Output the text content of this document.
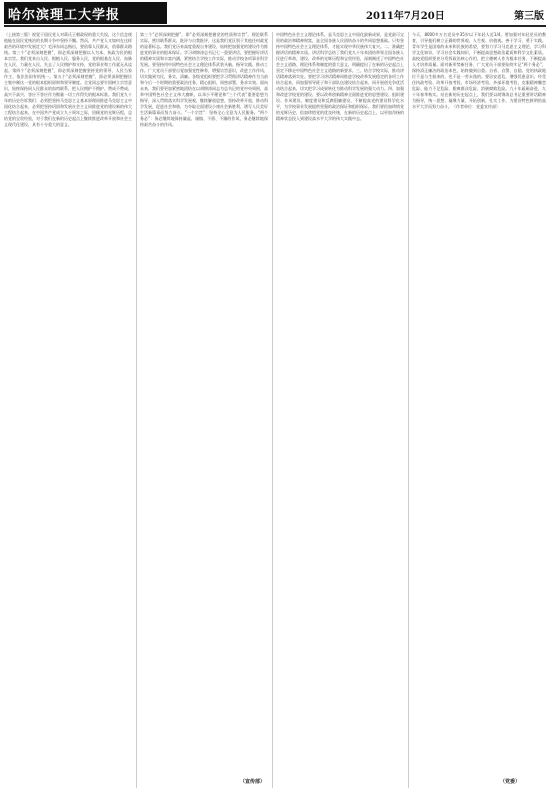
哈尔滨理工大学报	2011年7月20日	第三版
（上接第三版）视觉于国民党人对蒋氏王朝政权的重大失误，这个信念使他能在国民党统治的长期斗争中坚持不懈。然而，共产党人又如何在这样艰苦的环境中发展壮大？毛泽东同志指出，要依靠人民群众，依靠群众路线。第三个“必须深刻把握”，即必须深刻把握以人为本、执政为民的根本宗旨。我们党来自人民、根植人民、服务人民，党的根基在人民、血脉在人民、力量在人民。失去了人民拥护和支持，党的事业和工作就无从谈起。第四个“必须深刻把握”，即必须深刻把握坚持党的领导、人民当家作主、依法治国有机统一。第五个“必须深刻把握”，即必须深刻把握民主集中制这一党的根本组织原则和领导制度。全党同志要牢固树立宗旨意识，始终保持同人民群众的血肉联系，把人民拥护不拥护、赞成不赞成、高兴不高兴、答应不答应作为衡量一切工作得失的根本标准。我们党九十年的历史告诉我们：必须把坚持马克思主义基本原理同推进马克思主义中国化结合起来，必须把坚持巩固和发展社会主义同推进党的建设新的伟大工程结合起来。在中国共产党成立九十周年之际，回顾党的光辉历程，总结党的宝贵经验，对于我们在新的历史起点上继续推进改革开放和社会主义现代化建设，具有十分重大的意义。
第三个“必须深刻把握”，即“必须深刻把握党的性质和宗旨”。理论联系实际，密切联系群众，批评与自我批评，这是我们党区别于其他任何政党的显著标志。我们党历来高度重视自身建设，始终把加强党的建设作为推进党的事业的根本保证。学习胡锦涛总书记七一重要讲话，要把握好讲话的精神实质和丰富内涵，紧密结合学校工作实际，推动学校各项事业科学发展。要坚持用中国特色社会主义理论体系武装头脑、指导实践、推动工作。广大党员干部要自觉加强党性修养，增强宗旨意识，改进工作作风，切实做到为民、务实、清廉。各级党组织要把学习贯彻讲话精神作为当前和今后一个时期的重要政治任务，精心组织，周密部署，务求实效。面向未来，我们要更加紧密地团结在以胡锦涛同志为总书记的党中央周围，高举中国特色社会主义伟大旗帜，以邓小平理论和“三个代表”重要思想为指导，深入贯彻落实科学发展观，继续解放思想，坚持改革开放，推动科学发展，促进社会和谐，为夺取全面建设小康社会新胜利、谱写人民美好生活新篇章而努力奋斗。“一个宗旨”：坚持全心全意为人民服务。“两个务必”：务必继续地保持谦虚、谨慎、不骄、不躁的作风，务必继续地保持艰苦奋斗的作风。
中国特色社会主义理论体系，是马克思主义中国化最新成果，是党最可宝贵的政治和精神财富，是全国各族人民团结奋斗的共同思想基础。只有坚持中国特色社会主义理论体系，才能实现中华民族伟大复兴。二、准确把握讲话的精神实质。讲话科学总结了我们党九十年来团结带领全国各族人民进行革命、建设、改革的光辉历程和宝贵经验，深刻阐述了中国特色社会主义道路、理论体系和制度的重大意义，明确提出了在新的历史起点上坚定不移走中国特色社会主义道路的新要求。三、结合学校实际，推动讲话精神落到实处。要把学习讲话精神同推进学校改革发展稳定的各项工作结合起来，同加强领导班子和干部队伍建设结合起来，同开展创先争优活动结合起来，切实把学习成果转化为推动科学发展的强大动力。四、加强和改进学校党的建设。要以改革创新精神全面推进党的思想建设、组织建设、作风建设、制度建设和反腐倡廉建设，不断提高党的建设科学化水平，为学校事业发展提供坚强的政治保证和组织保证。我们要倍加珍惜党的光辉历史，倍加珍惜党的优良传统，在新的历史起点上，以更加昂扬的精神状态投入到建设高水平大学的伟大实践中去。
今天，8000多万名党员中35岁以下年轻人近1/4。要加强对年轻党员的教育，引导他们树立正确的世界观、人生观、价值观。善于学习，勇于实践。青年学生是国家的未来和民族的希望，要努力学习马克思主义理论，学习科学文化知识，学习社会实践知识，不断提高思想政治素质和科学文化素质。高校党组织要充分发挥政治核心作用，把立德树人作为根本任务，不断提高人才培养质量。面对新形势新任务，广大党员干部要始终牢记“两个务必”，保持清正廉洁的政治本色，始终做到自重、自省、自警、自励。党的执政地位不是与生俱来的，也不是一劳永逸的。要居安思危，增强忧患意识，经受住执政考验、改革开放考验、市场经济考验、外部环境考验，克服精神懈怠危险、能力不足危险、脱离群众危险、消极腐败危险。九十年砥砺奋进，九十年春华秋实。站在新的历史起点上，我们要以胡锦涛总书记重要讲话精神为指导，统一思想，凝聚力量，开拓创新，扎实工作，为建设特色鲜明的高水平大学而努力奋斗。（作者单位：党委宣传部）
（宣传部）	（党委）
